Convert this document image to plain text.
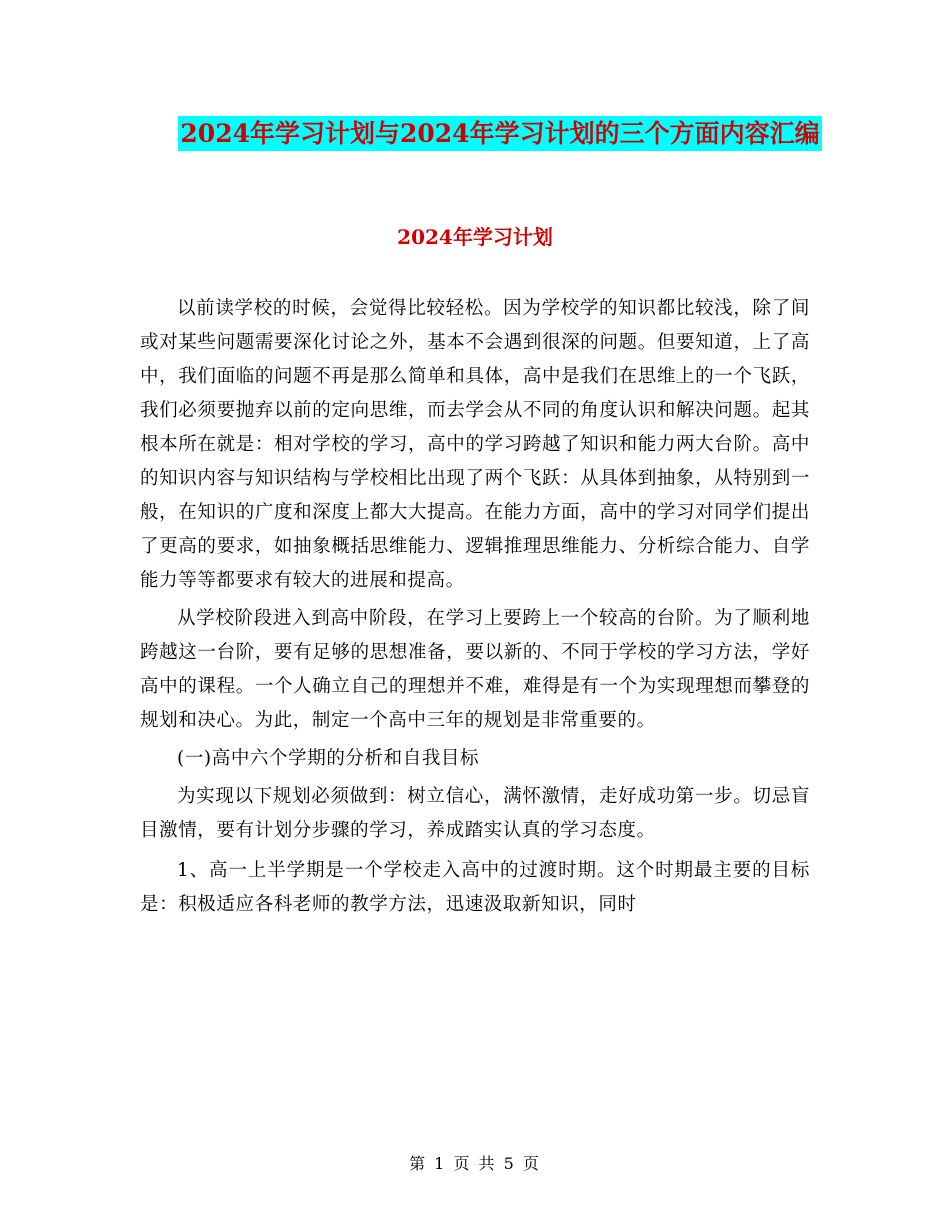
2024年学习计划与2024年学习计划的三个方面内容汇编
2024年学习计划

以前读学校的时候，会觉得比较轻松。因为学校学的知识都比较浅，除了间或对某些问题需要深化讨论之外，基本不会遇到很深的问题。但要知道，上了高中，我们面临的问题不再是那么简单和具体，高中是我们在思维上的一个飞跃，我们必须要抛弃以前的定向思维，而去学会从不同的角度认识和解决问题。起其根本所在就是：相对学校的学习，高中的学习跨越了知识和能力两大台阶。高中的知识内容与知识结构与学校相比出现了两个飞跃：从具体到抽象，从特别到一般，在知识的广度和深度上都大大提高。在能力方面，高中的学习对同学们提出了更高的要求，如抽象概括思维能力、逻辑推理思维能力、分析综合能力、自学能力等等都要求有较大的进展和提高。

从学校阶段进入到高中阶段，在学习上要跨上一个较高的台阶。为了顺利地跨越这一台阶，要有足够的思想准备，要以新的、不同于学校的学习方法，学好高中的课程。一个人确立自己的理想并不难，难得是有一个为实现理想而攀登的规划和决心。为此，制定一个高中三年的规划是非常重要的。

(一)高中六个学期的分析和自我目标

为实现以下规划必须做到：树立信心，满怀激情，走好成功第一步。切忌盲目激情，要有计划分步骤的学习，养成踏实认真的学习态度。

1、高一上半学期是一个学校走入高中的过渡时期。这个时期最主要的目标是：积极适应各科老师的教学方法，迅速汲取新知识，同时

第 1 页 共 5 页
